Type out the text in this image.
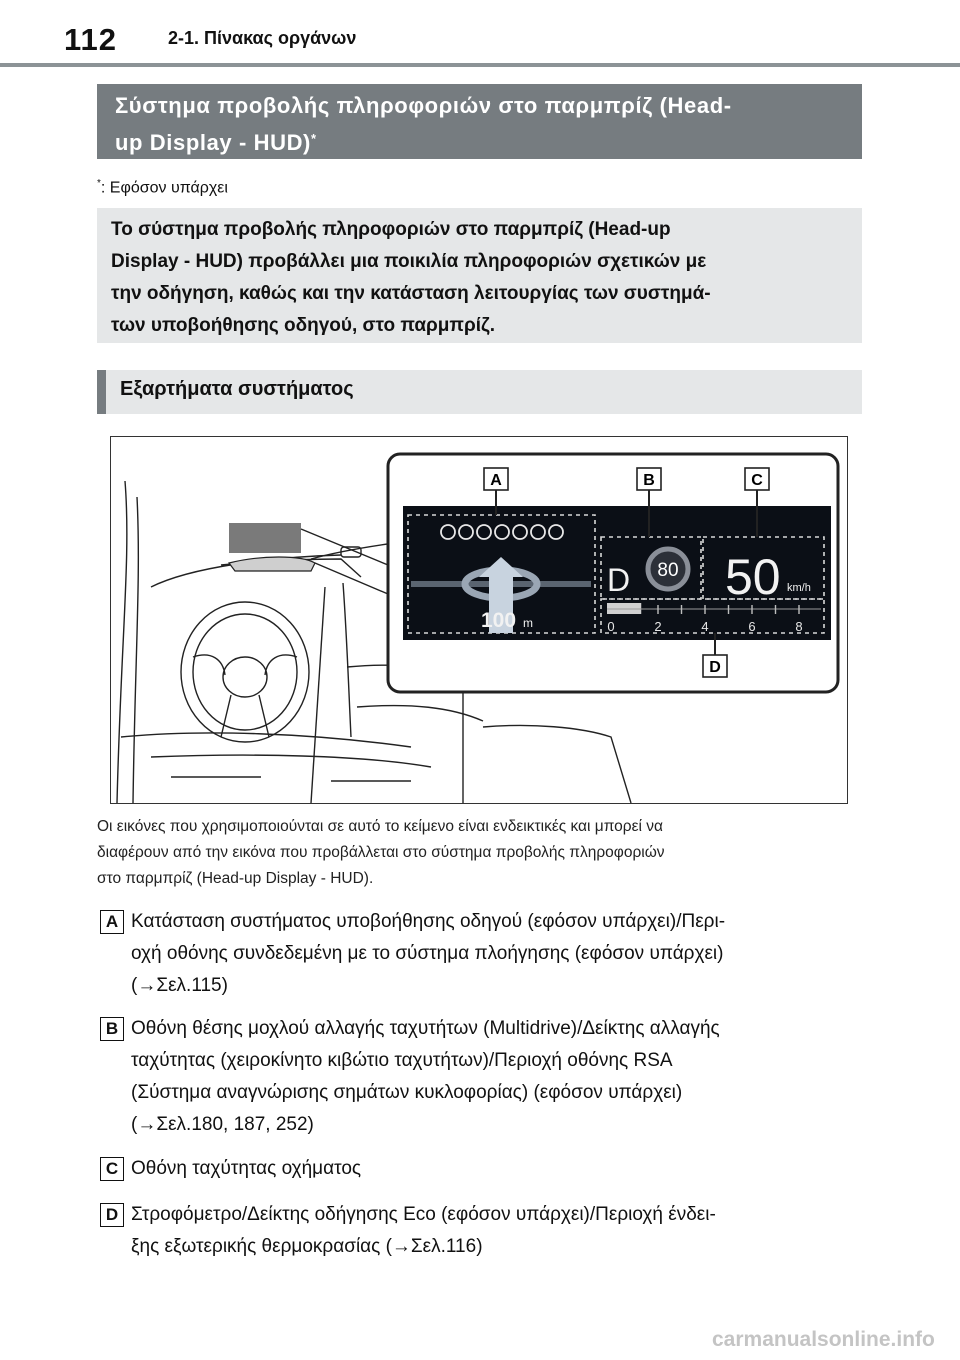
112	2-1. Πίνακας οργάνων
Σύστημα προβολής πληροφοριών στο παρμπρίζ (Head-
up Display - HUD)*
*: Εφόσον υπάρχει
Το σύστημα προβολής πληροφοριών στο παρμπρίζ (Head-up
Display - HUD) προβάλλει μια ποικιλία πληροφοριών σχετικών με
την οδήγηση, καθώς και την κατάσταση λειτουργίας των συστημά-
των υποβοήθησης οδηγού, στο παρμπρίζ.
Εξαρτήματα συστήματος
100 m
D 80 50 km/h
0	2	4	6	8
A	B	C
D
Οι εικόνες που χρησιμοποιούνται σε αυτό το κείμενο είναι ενδεικτικές και μπορεί να
διαφέρουν από την εικόνα που προβάλλεται στο σύστημα προβολής πληροφοριών
στο παρμπρίζ (Head-up Display - HUD).
A Κατάσταση συστήματος υποβοήθησης οδηγού (εφόσον υπάρχει)/Περι-
οχή οθόνης συνδεδεμένη με το σύστημα πλοήγησης (εφόσον υπάρχει)
(→Σελ.115)
B Οθόνη θέσης μοχλού αλλαγής ταχυτήτων (Multidrive)/Δείκτης αλλαγής
ταχύτητας (χειροκίνητο κιβώτιο ταχυτήτων)/Περιοχή οθόνης RSA
(Σύστημα αναγνώρισης σημάτων κυκλοφορίας) (εφόσον υπάρχει)
(→Σελ.180, 187, 252)
C Οθόνη ταχύτητας οχήματος
D Στροφόμετρο/Δείκτης οδήγησης Eco (εφόσον υπάρχει)/Περιοχή ένδει-
ξης εξωτερικής θερμοκρασίας (→Σελ.116)
carmanualsonline.info
